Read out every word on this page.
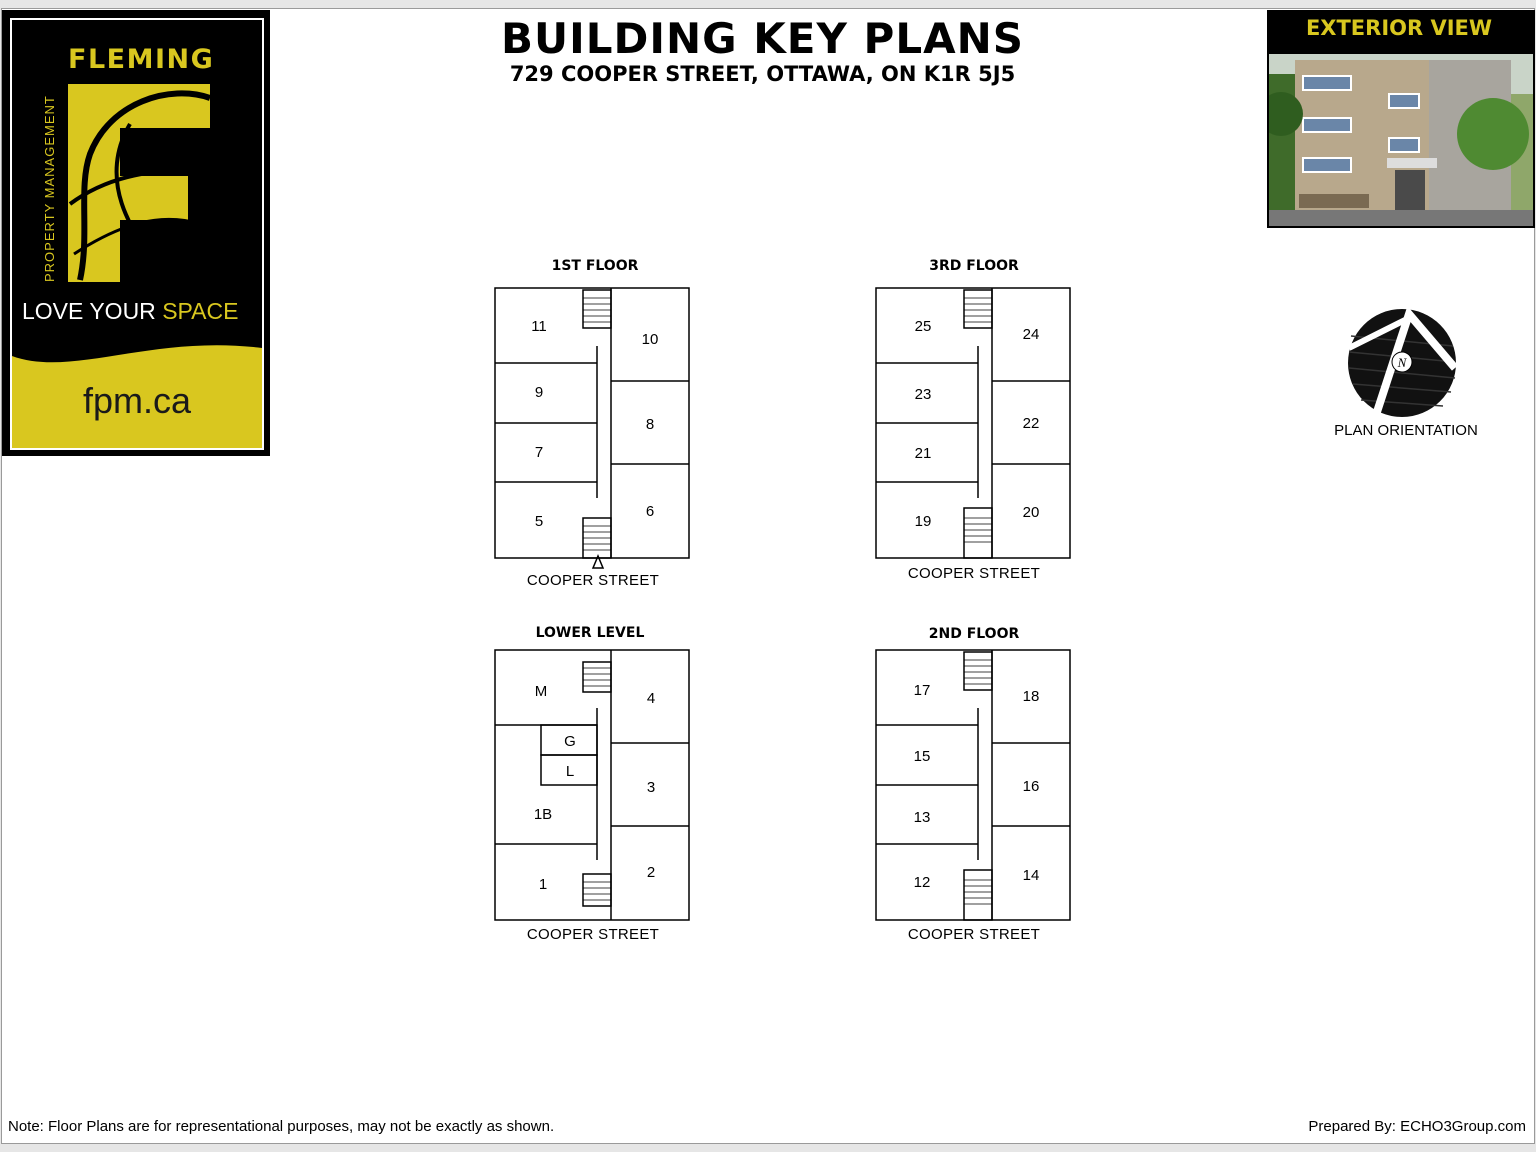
FLEMING
PROPERTY MANAGEMENT
LOVE YOUR SPACE
fpm.ca
BUILDING KEY PLANS
729 COOPER STREET, OTTAWA, ON K1R 5J5
EXTERIOR VIEW
N
PLAN ORIENTATION
1ST FLOOR
11
10
9
8
7
6
5
COOPER STREET
3RD FLOOR
25	24
23
22
21
20
19
COOPER STREET
LOWER LEVEL
M	4
G
L
3
1B
2
1
COOPER STREET
2ND FLOOR
17	18
15
16
13
14
12
COOPER STREET
Note: Floor Plans are for representational purposes, may not be exactly as shown.	Prepared By: ECHO3Group.com
